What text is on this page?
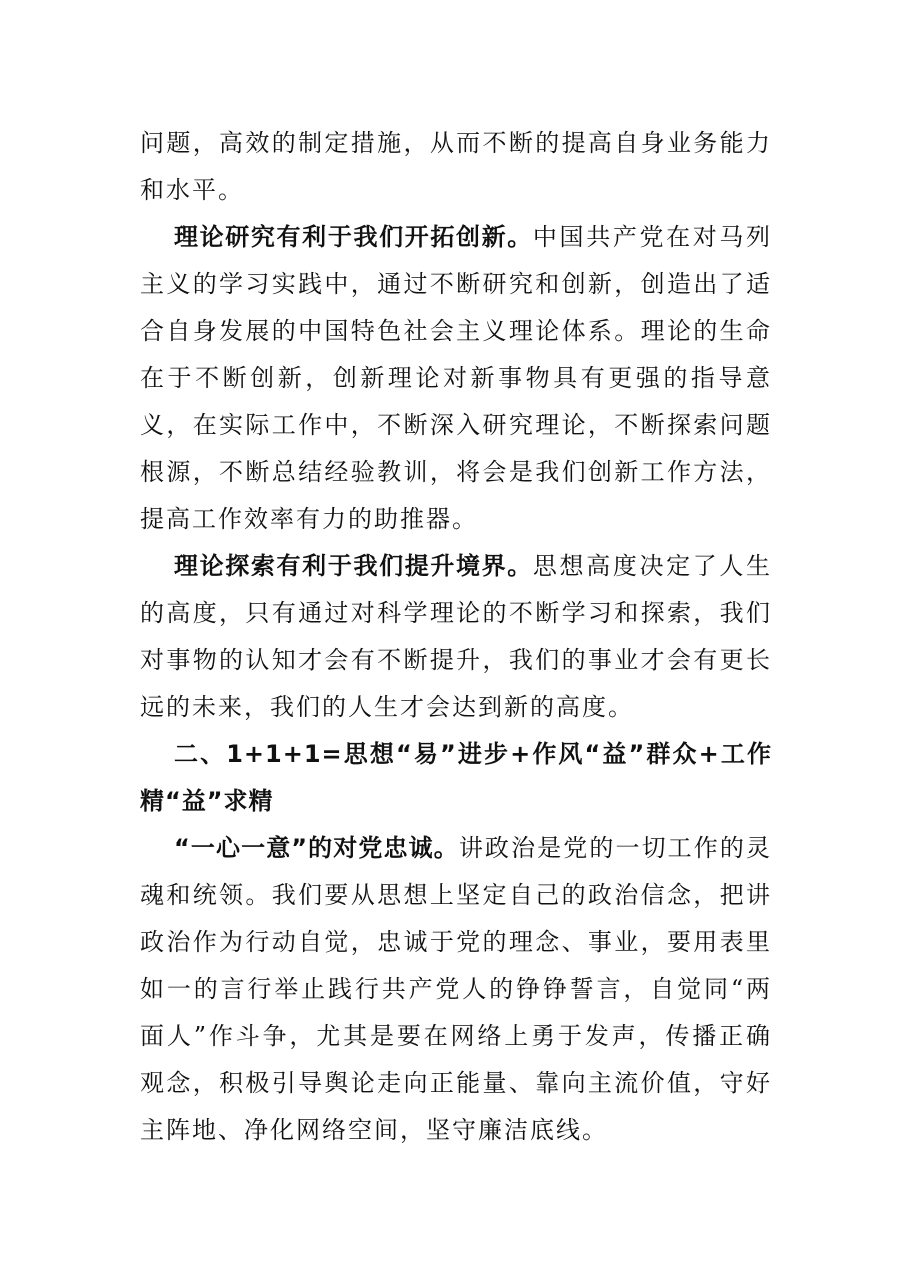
问题，高效的制定措施，从而不断的提高自身业务能力和水平。

理论研究有利于我们开拓创新。中国共产党在对马列主义的学习实践中，通过不断研究和创新，创造出了适合自身发展的中国特色社会主义理论体系。理论的生命在于不断创新，创新理论对新事物具有更强的指导意义，在实际工作中，不断深入研究理论，不断探索问题根源，不断总结经验教训，将会是我们创新工作方法，提高工作效率有力的助推器。

理论探索有利于我们提升境界。思想高度决定了人生的高度，只有通过对科学理论的不断学习和探索，我们对事物的认知才会有不断提升，我们的事业才会有更长远的未来，我们的人生才会达到新的高度。

二、1+1+1=思想“易”进步+作风“益”群众+工作精“益”求精

“一心一意”的对党忠诚。讲政治是党的一切工作的灵魂和统领。我们要从思想上坚定自己的政治信念，把讲政治作为行动自觉，忠诚于党的理念、事业，要用表里如一的言行举止践行共产党人的铮铮誓言，自觉同“两面人”作斗争，尤其是要在网络上勇于发声，传播正确观念，积极引导舆论走向正能量、靠向主流价值，守好主阵地、净化网络空间，坚守廉洁底线。
